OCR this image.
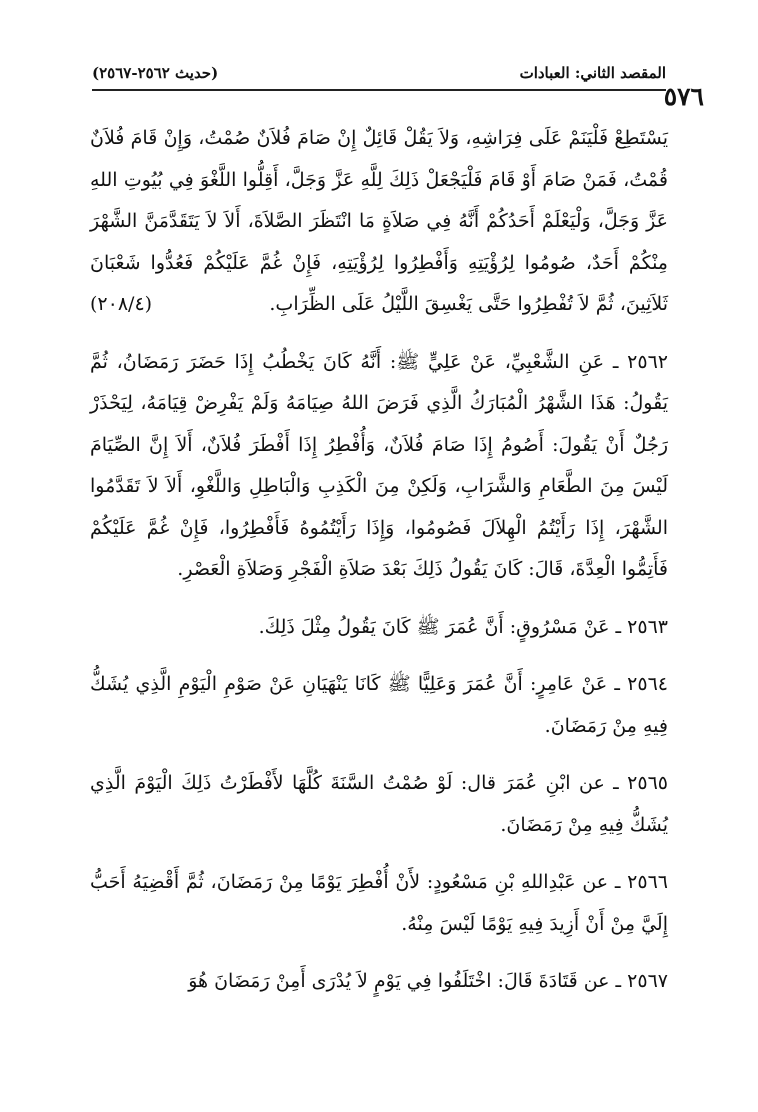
المقصد الثاني: العبادات
(حديث ٢٥٦٢-٢٥٦٧)
٥٧٦

يَسْتَطِعْ فَلْيَنَمْ عَلَى فِرَاشِهِ، وَلاَ يَقُلْ قَائِلٌ إِنْ صَامَ فُلاَنٌ صُمْتُ، وَإِنْ قَامَ فُلاَنٌ قُمْتُ، فَمَنْ صَامَ أَوْ قَامَ فَلْيَجْعَلْ ذَلِكَ لِلَّهِ عَزَّ وَجَلَّ، أَقِلُّوا اللَّغْوَ فِي بُيُوتِ اللهِ عَزَّ وَجَلَّ، وَلْيَعْلَمْ أَحَدُكُمْ أَنَّهُ فِي صَلاَةٍ مَا انْتَظَرَ الصَّلاَةَ، أَلاَ لاَ يَتَقَدَّمَنَّ الشَّهْرَ مِنْكُمْ أَحَدٌ، صُومُوا لِرُؤْيَتِهِ وَأَفْطِرُوا لِرُؤْيَتِهِ، فَإِنْ غُمَّ عَلَيْكُمْ فَعُدُّوا شَعْبَانَ ثَلاَثِينَ، ثُمَّ لاَ تُفْطِرُوا حَتَّى يَغْسِقَ اللَّيْلُ عَلَى الظِّرَابِ.
(٢٠٨/٤)

٢٥٦٢ ـ عَنِ الشَّعْبِيِّ، عَنْ عَلِيٍّ ﷺ: أَنَّهُ كَانَ يَخْطُبُ إِذَا حَضَرَ رَمَضَانُ، ثُمَّ يَقُولُ: هَذَا الشَّهْرُ الْمُبَارَكُ الَّذِي فَرَضَ اللهُ صِيَامَهُ وَلَمْ يَفْرِضْ قِيَامَهُ، لِيَحْذَرْ رَجُلٌ أَنْ يَقُولَ: أَصُومُ إِذَا صَامَ فُلاَنٌ، وَأُفْطِرُ إِذَا أَفْطَرَ فُلاَنٌ، أَلاَ إِنَّ الصِّيَامَ لَيْسَ مِنَ الطَّعَامِ وَالشَّرَابِ، وَلَكِنْ مِنَ الْكَذِبِ وَالْبَاطِلِ وَاللَّغْوِ، أَلاَ لاَ تَقَدَّمُوا الشَّهْرَ، إِذَا رَأَيْتُمُ الْهِلاَلَ فَصُومُوا، وَإِذَا رَأَيْتُمُوهُ فَأَفْطِرُوا، فَإِنْ غُمَّ عَلَيْكُمْ فَأَتِمُّوا الْعِدَّةَ، قَالَ: كَانَ يَقُولُ ذَلِكَ بَعْدَ صَلاَةِ الْفَجْرِ وَصَلاَةِ الْعَصْرِ.

٢٥٦٣ ـ عَنْ مَسْرُوقٍ: أَنَّ عُمَرَ ﷺ كَانَ يَقُولُ مِثْلَ ذَلِكَ.

٢٥٦٤ ـ عَنْ عَامِرٍ: أَنَّ عُمَرَ وَعَلِيًّا ﷺ كَانَا يَنْهَيَانِ عَنْ صَوْمِ الْيَوْمِ الَّذِي يُشَكُّ فِيهِ مِنْ رَمَضَانَ.

٢٥٦٥ ـ عن ابْنِ عُمَرَ قال: لَوْ صُمْتُ السَّنَةَ كُلَّهَا لأَفْطَرْتُ ذَلِكَ الْيَوْمَ الَّذِي يُشَكُّ فِيهِ مِنْ رَمَضَانَ.

٢٥٦٦ ـ عن عَبْدِاللهِ بْنِ مَسْعُودٍ: لأَنْ أُفْطِرَ يَوْمًا مِنْ رَمَضَانَ، ثُمَّ أَقْضِيَهُ أَحَبُّ إِلَيَّ مِنْ أَنْ أَزِيدَ فِيهِ يَوْمًا لَيْسَ مِنْهُ.

٢٥٦٧ ـ عن قَتَادَةَ قَالَ: اخْتَلَفُوا فِي يَوْمٍ لاَ يُدْرَى أَمِنْ رَمَضَانَ هُوَ
